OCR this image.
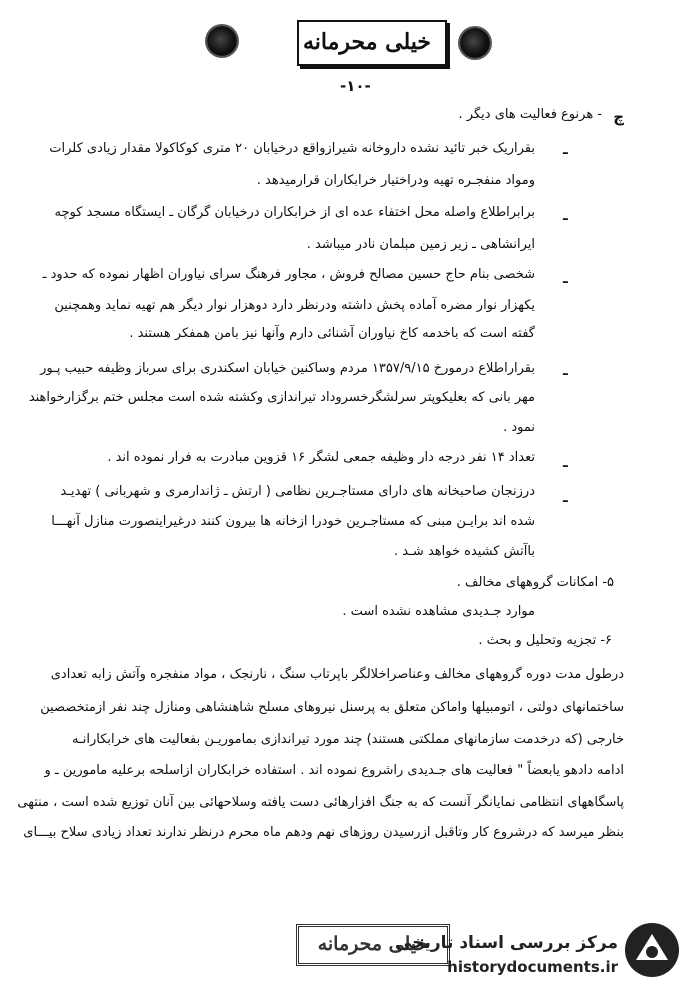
خیلی محرمانه
-۱۰-
چ
- هرنوع فعالیت های دیگر .
ـ
بقراریک خبر تائید نشده داروخانه شیرازواقع درخیابان ۲۰ متری کوکاکولا مقدار زیادی کلرات
ومواد منفجـره تهیه ودراختیار خرابکاران قرارمیدهد .
ـ
برابراطلاع واصله محل اختفاء عده ای از خرابکاران درخیابان گرگان ـ ایستگاه مسجد کوچه
ایرانشاهی ـ زیر زمین مبلمان نادر میباشد .
ـ
شخصی بنام حاج حسین مصالح فروش ، مجاور فرهنگ سرای نیاوران اظهار نموده که حدود ـ
یکهزار نوار مضره آماده پخش داشته ودرنظر دارد دوهزار نوار دیگر هم تهیه نماید وهمچنین
گفته است که باخدمه کاخ نیاوران آشنائی دارم وآنها نیز بامن همفکر هستند .
ـ
بقراراطلاع درمورخ ۱۳۵۷/۹/۱۵ مردم وساکنین خیابان اسکندری برای سرباز وظیفه حبیب پـور
مهر بانی که بعلیکوپتر سرلشگرخسروداد تیراندازی وکشته شده است مجلس ختم برگزارخواهند
نمود .
ـ
تعداد ۱۴ نفر درجه دار وظیفه جمعی لشگر ۱۶ قزوین مبادرت به فرار نموده اند .
ـ
درزنجان صاحبخانه های دارای مستاجـرین نظامی ( ارتش ـ ژاندارمری و شهربانی ) تهدیـد
شده اند برایـن مبنی که مستاجـرین خودرا ازخانه ها بیرون کنند درغیراینصورت منازل آنهـــا
باآتش کشیده خواهد شـد .
۵- امکانات گروههای مخالف .
موارد جـدیدی مشاهده نشده است .
۶- تجزیه وتحلیل و بحث .
درطول مدت دوره گروههای مخالف وعناصراخلالگر باپرتاب سنگ ، نارنجک ، مواد منفجره وآتش زابه تعدادی
ساختمانهای دولتی ، اتومبیلها واماکن متعلق به پرسنل نیروهای مسلح شاهنشاهی ومنازل چند نفر ازمتخصصین
خارجی (که درخدمت سازمانهای مملکتی هستند) چند مورد تیراندازی بماموریـن بفعالیت های خرابکارانـه
ادامه دادهو یابعضاً " فعالیت های جـدیدی راشروع نموده اند . استفاده خرابکاران ازاسلحه برعلیه مامورین ـ و
پاسگاههای انتظامی نمایانگر آنست که به جنگ افزارهائی دست یافته وسلاحهائی بین آنان توزیع شده است ، منتهی
بنظر میرسد که درشروع کار وتاقبل ازرسیدن روزهای نهم ودهم ماه محرم درنظر ندارند تعداد زیادی سلاح بیـــای
خیلی محرمانه
مرکز بررسی اسناد تاریخی
historydocuments.ir
